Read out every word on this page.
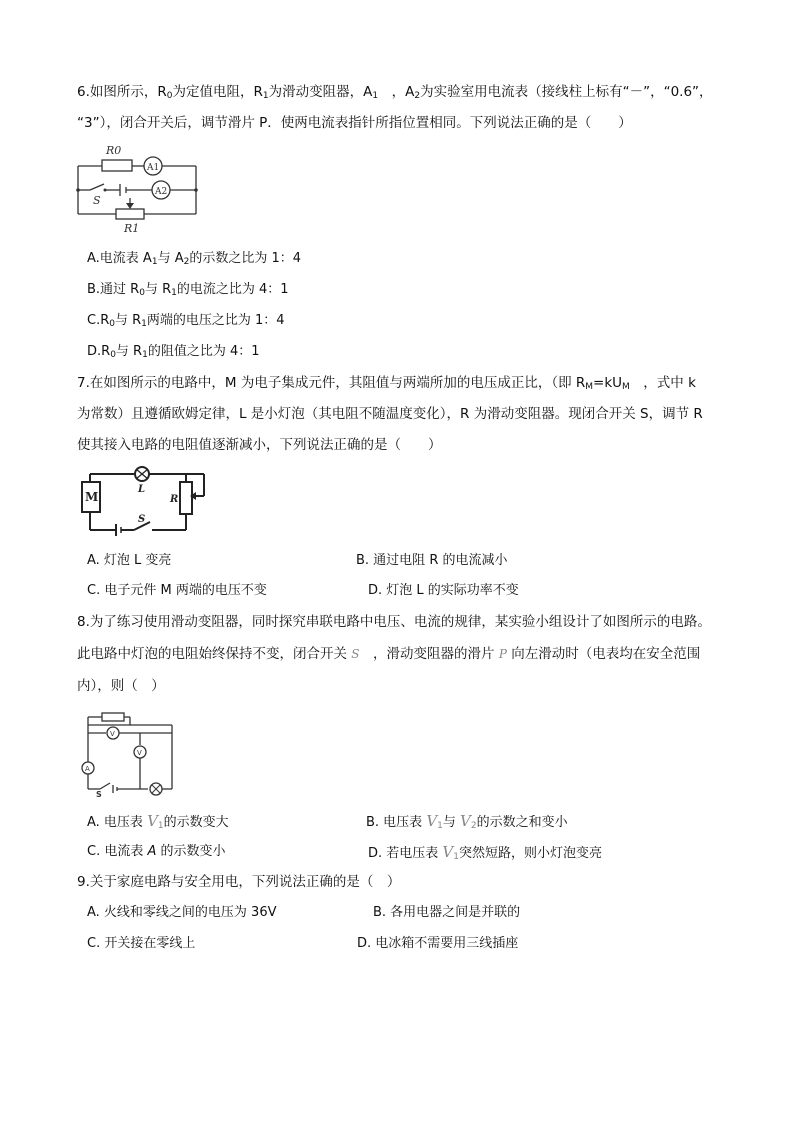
6.如图所示，$R_0$为定值电阻，$R_1$为滑动变阻器，$A_1$　，$A_2$为实验室用电流表（接线柱上标有“－”，“0.6”，
“3”），闭合开关后，调节滑片 P．使两电流表指针所指位置相同。下列说法正确的是（　　）
R0
A1
S
A2
R1
A.电流表 $A_1$与 $A_2$的示数之比为 1：4
B.通过 $R_0$与 $R_1$的电流之比为 4：1
$C.R_0$与 $R_1$两端的电压之比为 1：4
$D.R_0$与 $R_1$的阻值之比为 4：1
7.在如图所示的电路中，M 为电子集成元件，其阻值与两端所加的电压成正比，（即 $R_M=kU_M$　，式中 k
为常数）且遵循欧姆定律，L 是小灯泡（其电阻不随温度变化），R 为滑动变阻器。现闭合开关 S，调节 R
使其接入电路的电阻值逐渐减小，下列说法正确的是（　　）
L
M	R
S
A. 灯泡 L 变亮	B. 通过电阻 R 的电流减小
C. 电子元件 M 两端的电压不变	D. 灯泡 L 的实际功率不变
8.为了练习使用滑动变阻器，同时探究串联电路中电压、电流的规律，某实验小组设计了如图所示的电路。
此电路中灯泡的电阻始终保持不变，闭合开关 S　，滑动变阻器的滑片 P 向左滑动时（电表均在安全范围
内），则（　）
V
V
A
S
A. 电压表 $V_1$的示数变大	B. 电压表 $V_1$与 $V_2$的示数之和变小
C. 电流表 A 的示数变小	D. 若电压表 $V_1$突然短路，则小灯泡变亮
9.关于家庭电路与安全用电，下列说法正确的是（　）
A. 火线和零线之间的电压为 36V	B. 各用电器之间是并联的
C. 开关接在零线上	D. 电冰箱不需要用三线插座
